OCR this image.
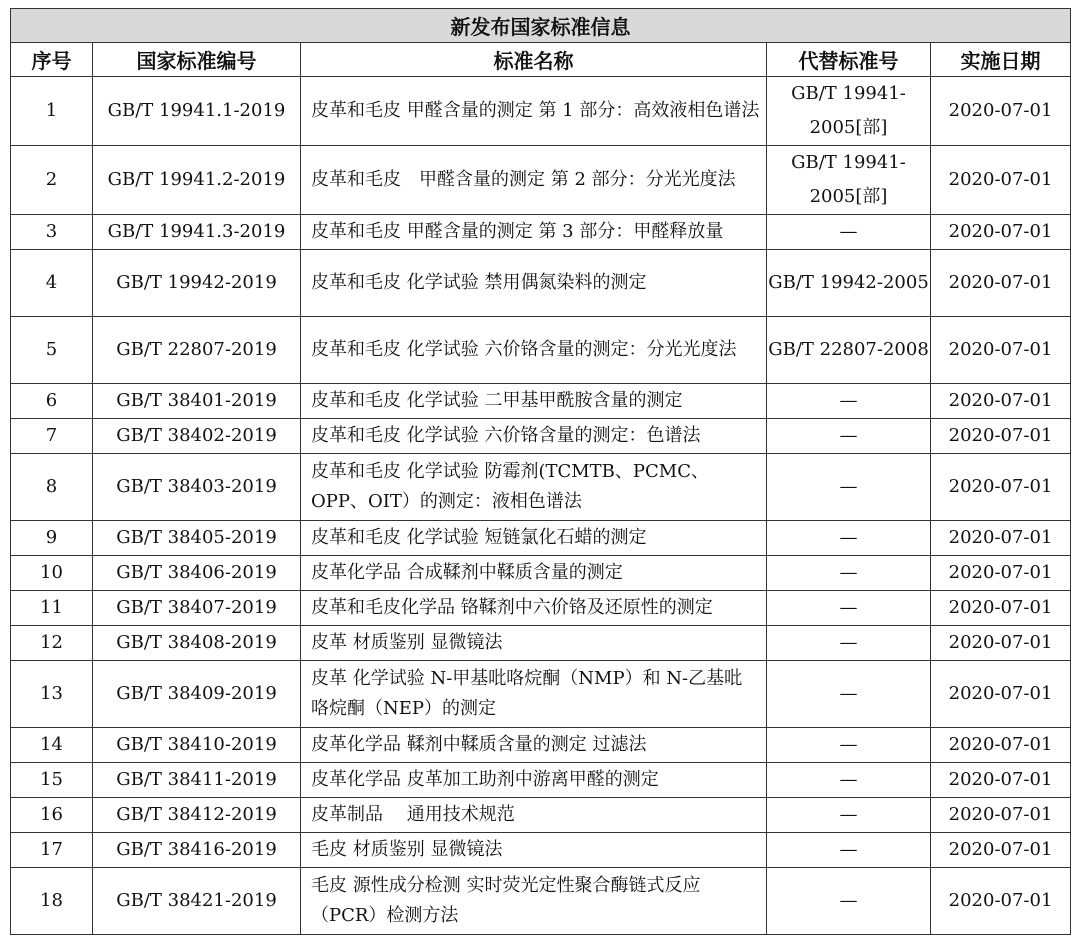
新发布国家标准信息				
序号	国家标准编号	标准名称	代替标准号	实施日期
1	GB/T 19941.1-2019	皮革和毛皮 甲醛含量的测定 第 1 部分：高效液相色谱法	GB/T 19941-2005[部]	2020-07-01
2	GB/T 19941.2-2019	皮革和毛皮　甲醛含量的测定 第 2 部分：分光光度法	GB/T 19941-2005[部]	2020-07-01
3	GB/T 19941.3-2019	皮革和毛皮 甲醛含量的测定 第 3 部分：甲醛释放量	—	2020-07-01
4	GB/T 19942-2019	皮革和毛皮 化学试验 禁用偶氮染料的测定	GB/T 19942-2005	2020-07-01
5	GB/T 22807-2019	皮革和毛皮 化学试验 六价铬含量的测定：分光光度法	GB/T 22807-2008	2020-07-01
6	GB/T 38401-2019	皮革和毛皮 化学试验 二甲基甲酰胺含量的测定	—	2020-07-01
7	GB/T 38402-2019	皮革和毛皮 化学试验 六价铬含量的测定：色谱法	—	2020-07-01
8	GB/T 38403-2019	皮革和毛皮 化学试验 防霉剂(TCMTB、PCMC、OPP、OIT）的测定：液相色谱法	—	2020-07-01
9	GB/T 38405-2019	皮革和毛皮 化学试验 短链氯化石蜡的测定	—	2020-07-01
10	GB/T 38406-2019	皮革化学品 合成鞣剂中鞣质含量的测定	—	2020-07-01
11	GB/T 38407-2019	皮革和毛皮化学品 铬鞣剂中六价铬及还原性的测定	—	2020-07-01
12	GB/T 38408-2019	皮革 材质鉴别 显微镜法	—	2020-07-01
13	GB/T 38409-2019	皮革 化学试验 N-甲基吡咯烷酮（NMP）和 N-乙基吡咯烷酮（NEP）的测定	—	2020-07-01
14	GB/T 38410-2019	皮革化学品 鞣剂中鞣质含量的测定 过滤法	—	2020-07-01
15	GB/T 38411-2019	皮革化学品 皮革加工助剂中游离甲醛的测定	—	2020-07-01
16	GB/T 38412-2019	皮革制品　 通用技术规范	—	2020-07-01
17	GB/T 38416-2019	毛皮 材质鉴别 显微镜法	—	2020-07-01
18	GB/T 38421-2019	毛皮 源性成分检测 实时荧光定性聚合酶链式反应（PCR）检测方法	—	2020-07-01
